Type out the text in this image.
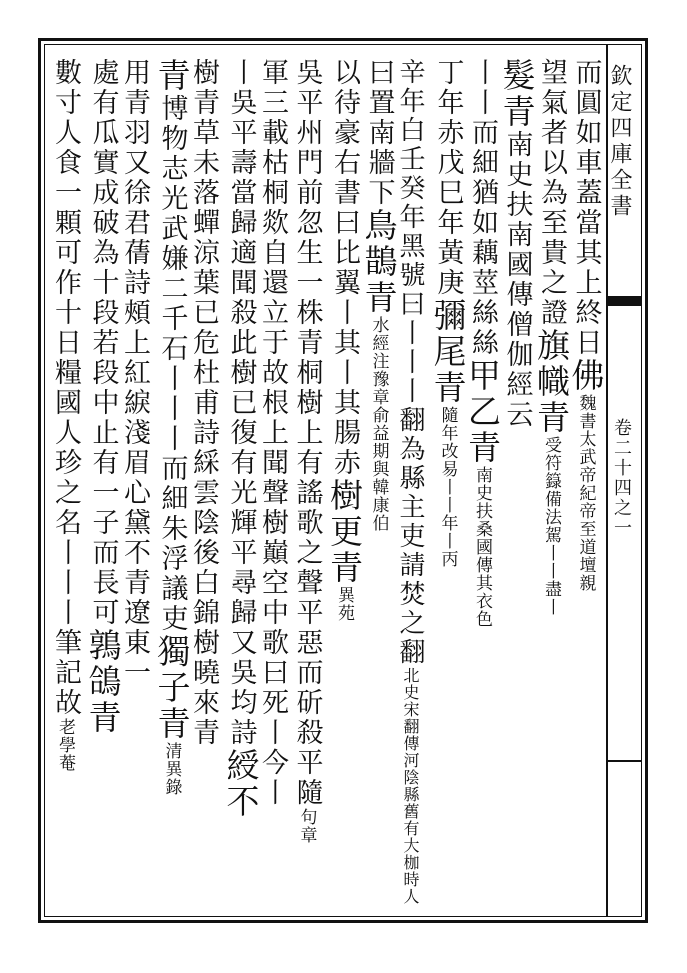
欽定四庫全書
卷二十四之一
而圓如車蓋當其上終日佛魏書太武帝紀帝至道壇親
望氣者以為至貴之證旗幟青受符籙備法駕丨丨盡丨
髮青南史扶南國傳僧伽經云
丨丨而細猶如藕莖絲絲甲乙青南史扶桑國傳其衣色
丁年赤戊巳年黃庚彌尾青隨年改易丨丨年丨丙
辛年白壬癸年黑號曰丨丨丨翻為縣主吏請焚之翻北史宋翻傳河陰縣舊有大枷時人
曰置南牆下鳥鵲青水經注豫章俞益期與韓康伯
以待豪右書曰比翼丨其丨其腸赤樹更青異苑
吳平州門前忽生一株青桐樹上有謠歌之聲平惡而斫殺平隨句章
軍三載枯桐欻自還立于故根上聞聲樹巔空中歌曰死丨今丨
丨吳平壽當歸適聞殺此樹已復有光輝平尋歸又吳均詩綬不
樹青草未落蟬涼葉已危杜甫詩綵雲陰後白錦樹曉來青
青博物志光武嫌二千石丨丨丨而細朱浮議吏獨子青清異錄
用青羽又徐君蒨詩頰上紅綟淺眉心黛不青遼東一
處有瓜實成破為十段若段中止有一子而長可鶉鴿青
數寸人食一顆可作十日糧國人珍之名丨丨丨筆記故老學菴
